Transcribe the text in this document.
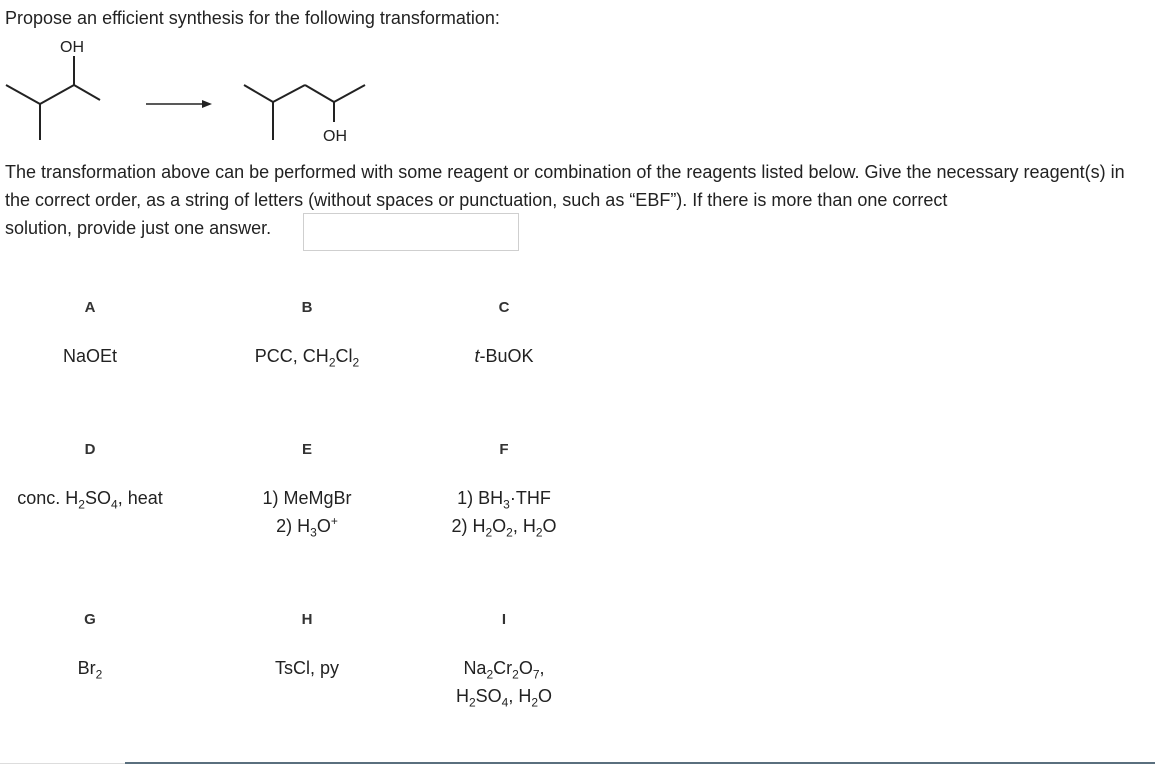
Propose an efficient synthesis for the following transformation:
OH
OH
The transformation above can be performed with some reagent or combination of the reagents listed below. Give the necessary reagent(s) in the correct order, as a string of letters (without spaces or punctuation, such as “EBF”). If there is more than one correct
solution, provide just one answer.
A
NaOEt
B
PCC, $CH_2Cl_2$
C
t-BuOK
D
conc. $H_2SO_4$, heat
E
1) MeMgBr
2) $H_3O^+$
F
1) $BH_3\cdot THF$
2) $H_2O_2$, $H_2O$
G
$Br_2$
H
TsCl, py
I
$Na_2Cr_2O_7$,
$H_2SO_4$, $H_2O$
